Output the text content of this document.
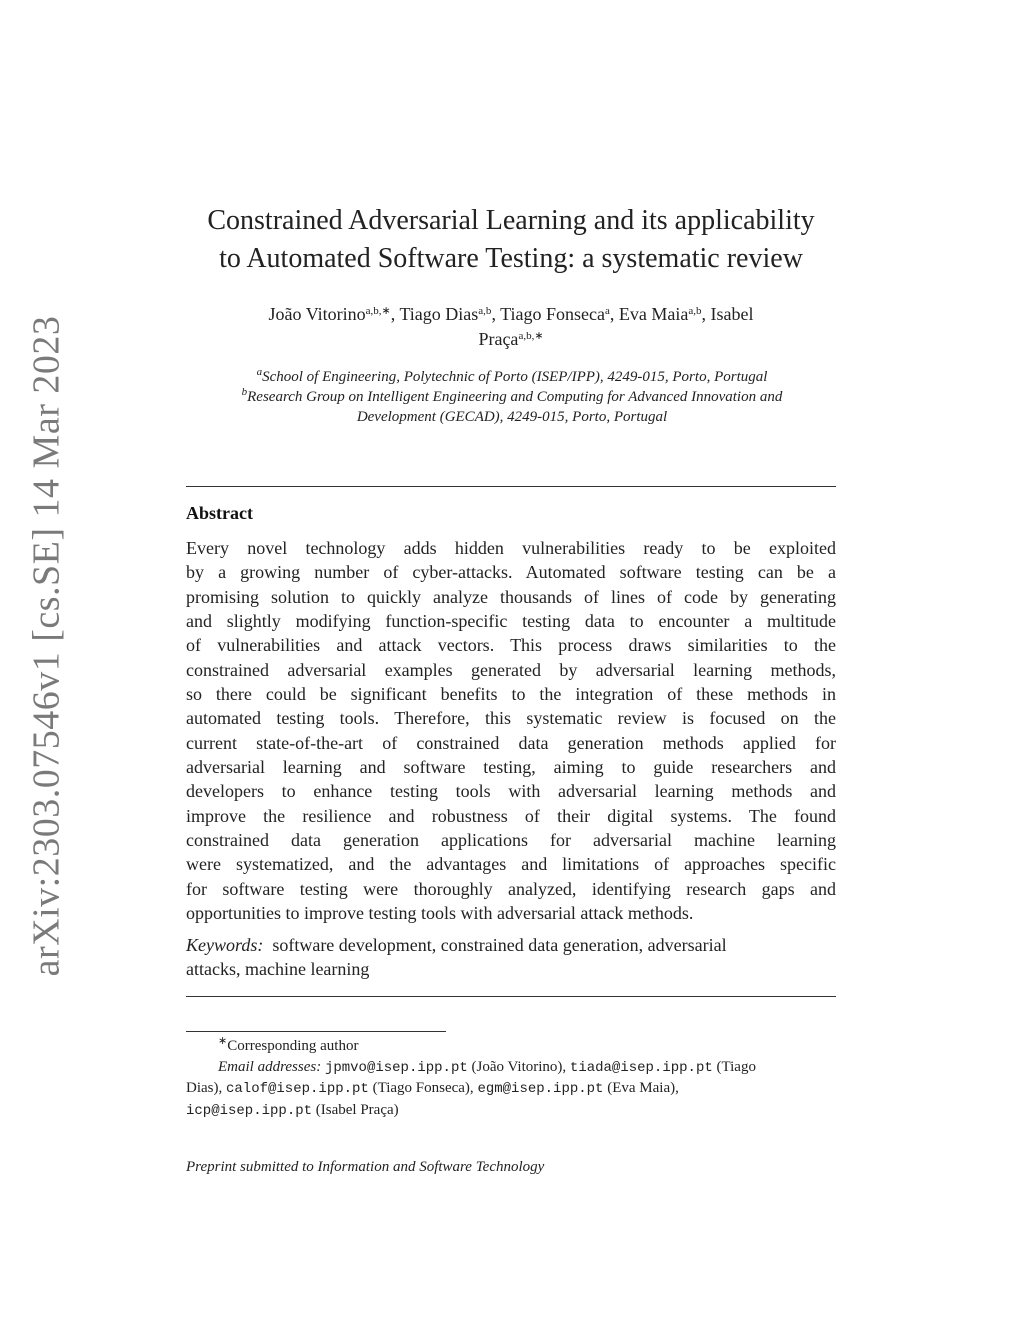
arXiv:2303.07546v1 [cs.SE] 14 Mar 2023
Constrained Adversarial Learning and its applicability
to Automated Software Testing: a systematic review
João Vitorino$^{a,b,∗}$, Tiago Dias$^{a,b}$, Tiago Fonseca$^a$, Eva Maia$^{a,b}$, Isabel
Praça$^{a,b,∗}$
$^a$School of Engineering, Polytechnic of Porto (ISEP/IPP), 4249-015, Porto, Portugal
$^b$Research Group on Intelligent Engineering and Computing for Advanced Innovation and
Development (GECAD), 4249-015, Porto, Portugal
Abstract
Every novel technology adds hidden vulnerabilities ready to be exploited
by a growing number of cyber-attacks. Automated software testing can be a
promising solution to quickly analyze thousands of lines of code by generating
and slightly modifying function-specific testing data to encounter a multitude
of vulnerabilities and attack vectors. This process draws similarities to the
constrained adversarial examples generated by adversarial learning methods,
so there could be significant benefits to the integration of these methods in
automated testing tools. Therefore, this systematic review is focused on the
current state-of-the-art of constrained data generation methods applied for
adversarial learning and software testing, aiming to guide researchers and
developers to enhance testing tools with adversarial learning methods and
improve the resilience and robustness of their digital systems. The found
constrained data generation applications for adversarial machine learning
were systematized, and the advantages and limitations of approaches specific
for software testing were thoroughly analyzed, identifying research gaps and
opportunities to improve testing tools with adversarial attack methods.
Keywords: software development, constrained data generation, adversarial
attacks, machine learning
∗Corresponding author
Email addresses: jpmvo@isep.ipp.pt (João Vitorino), tiada@isep.ipp.pt (Tiago
Dias), calof@isep.ipp.pt (Tiago Fonseca), egm@isep.ipp.pt (Eva Maia),
icp@isep.ipp.pt (Isabel Praça)
Preprint submitted to Information and Software Technology
